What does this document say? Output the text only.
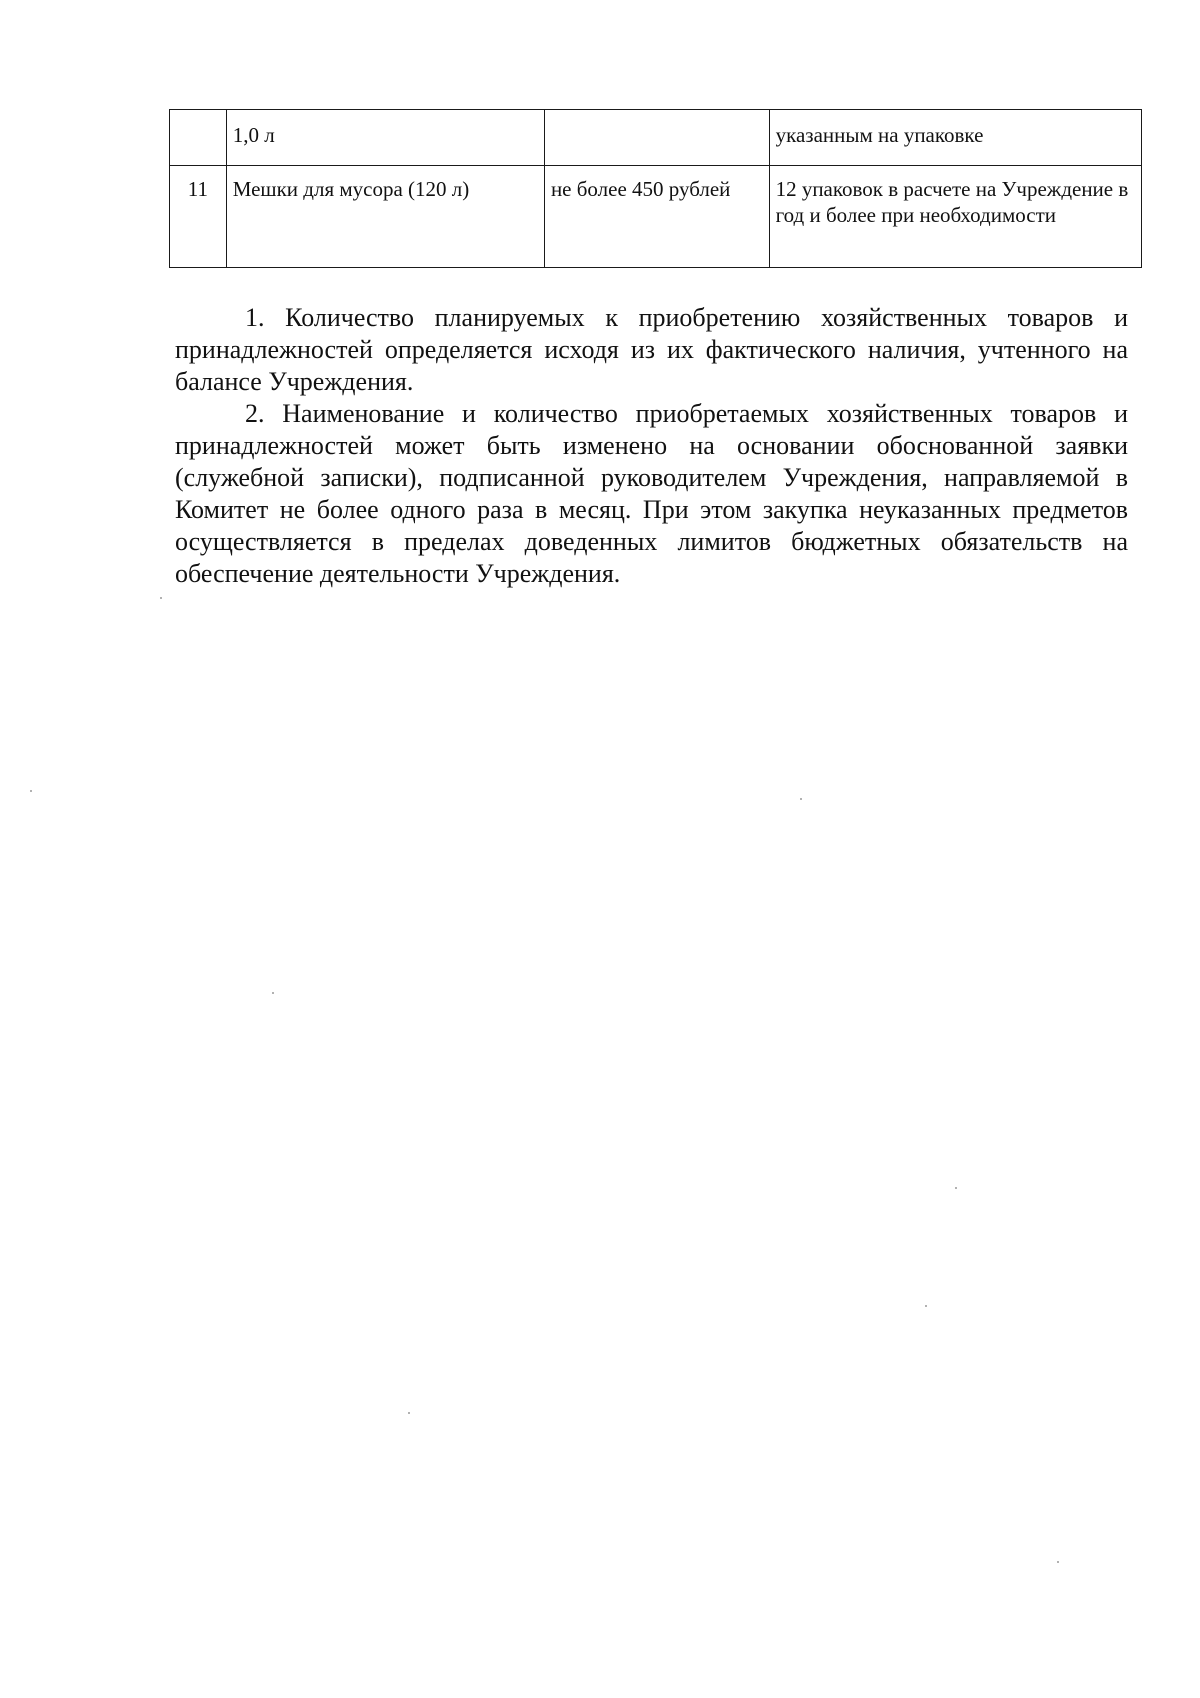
	1,0 л		указанным на упаковке
11	Мешки для мусора (120 л)	не более 450 рублей	12 упаковок в расчете на Учреждение в год и более при необходимости

1. Количество планируемых к приобретению хозяйственных товаров и принадлежностей определяется исходя из их фактического наличия, учтенного на балансе Учреждения.

2. Наименование и количество приобретаемых хозяйственных товаров и принадлежностей может быть изменено на основании обоснованной заявки (служебной записки), подписанной руководителем Учреждения, направляемой в Комитет не более одного раза в месяц. При этом закупка неуказанных предметов осуществляется в пределах доведенных лимитов бюджетных обязательств на обеспечение деятельности Учреждения.
